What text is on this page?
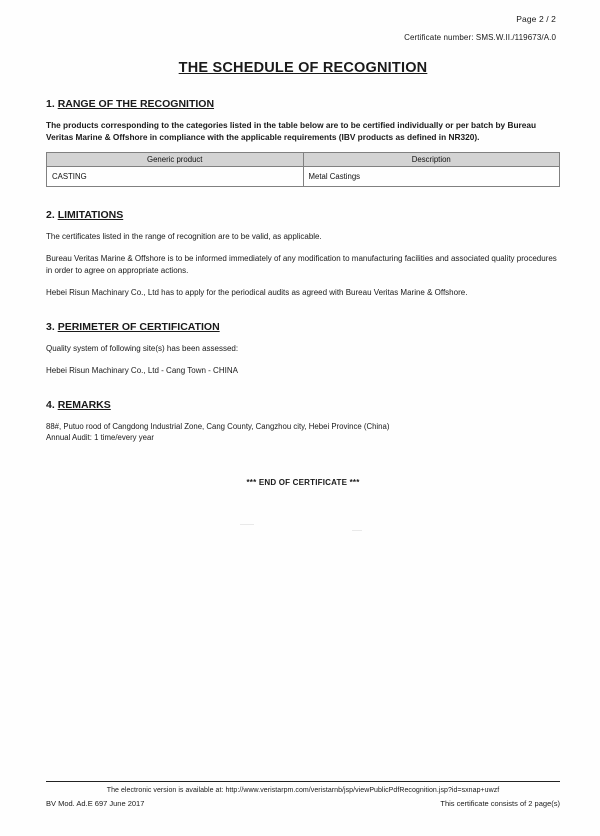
Page 2 / 2
Certificate number: SMS.W.II./119673/A.0
THE SCHEDULE OF RECOGNITION
1. RANGE OF THE RECOGNITION
The products corresponding to the categories listed in the table below are to be certified individually or per batch by Bureau Veritas Marine & Offshore in compliance with the applicable requirements (IBV products as defined in NR320).
Generic product	Description
CASTING	Metal Castings
2. LIMITATIONS
The certificates listed in the range of recognition are to be valid, as applicable.
Bureau Veritas Marine & Offshore is to be informed immediately of any modification to manufacturing facilities and associated quality procedures in order to agree on appropriate actions.
Hebei Risun Machinary Co., Ltd has to apply for the periodical audits as agreed with Bureau Veritas Marine & Offshore.
3. PERIMETER OF CERTIFICATION
Quality system of following site(s) has been assessed:
Hebei Risun Machinary Co., Ltd - Cang Town - CHINA
4. REMARKS
88#, Putuo rood of Cangdong Industrial Zone, Cang County, Cangzhou city, Hebei Province (China)
Annual Audit: 1 time/every year
*** END OF CERTIFICATE ***
The electronic version is available at: http://www.veristarpm.com/veristarnb/jsp/viewPublicPdfRecognition.jsp?id=sxnap+uwzf
BV Mod. Ad.E 697 June 2017	This certificate consists of 2 page(s)
